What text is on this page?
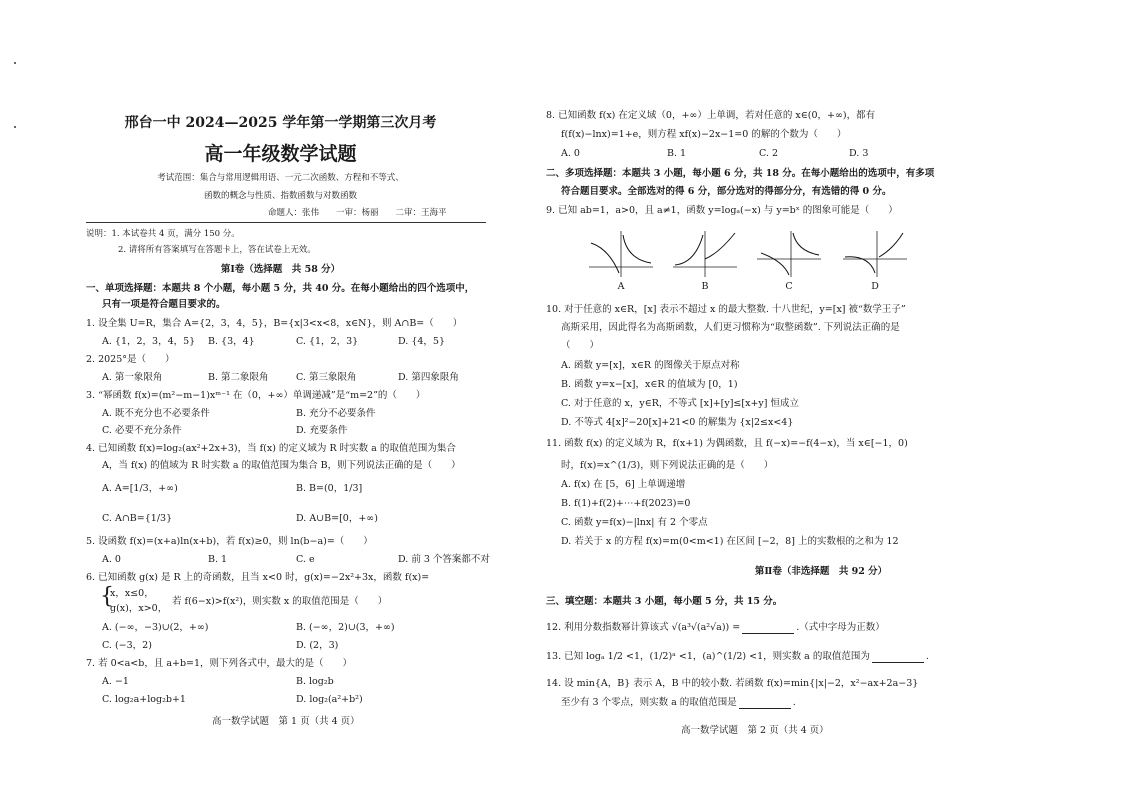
邢台一中 2024—2025 学年第一学期第三次月考
高一年级数学试题
考试范围：集合与常用逻辑用语、一元二次函数、方程和不等式、
函数的概念与性质、指数函数与对数函数
命题人：张伟　　一审：杨丽　　二审：王海平
说明：1. 本试卷共 4 页，满分 150 分。
2. 请将所有答案填写在答题卡上，答在试卷上无效。
第Ⅰ卷（选择题　共 58 分）
一、单项选择题：本题共 8 个小题，每小题 5 分，共 40 分。在每小题给出的四个选项中，
只有一项是符合题目要求的。
1. 设全集 U=R，集合 A={2，3，4，5}，B={x|3<x<8，x∈N}，则 A∩B=（　　）
A. {1，2，3，4，5} B. {3，4}	C. {1，2，3}	D. {4，5}
2. 2025°是（　　）
A. 第一象限角	B. 第二象限角	C. 第三象限角	D. 第四象限角
3. “幂函数 f(x)=(m²−m−1)xᵐ⁻¹ 在（0，+∞）单调递减”是“m=2”的（　　）
A. 既不充分也不必要条件	B. 充分不必要条件
C. 必要不充分条件	D. 充要条件
4. 已知函数 f(x)=log₂(ax²+2x+3)，当 f(x) 的定义域为 R 时实数 a 的取值范围为集合
A，当 f(x) 的值域为 R 时实数 a 的取值范围为集合 B，则下列说法正确的是（　　）
A. A=[1/3，+∞)	B. B=(0，1/3]
C. A∩B={1/3}	D. A∪B=[0，+∞)
5. 设函数 f(x)=(x+a)ln(x+b)，若 f(x)≥0，则 ln(b−a)=（　　）
A. 0	B. 1	C. e	D. 前 3 个答案都不对
6. 已知函数 g(x) 是 R 上的奇函数，且当 x<0 时，g(x)=−2x²+3x，函数 f(x)=
{
x，x≤0，
g(x)，x>0，
若 f(6−x)>f(x²)，则实数 x 的取值范围是（　　）
A. (−∞，−3)∪(2，+∞)	B. (−∞，2)∪(3，+∞)
C. (−3，2)	D. (2，3)
7. 若 0<a<b，且 a+b=1，则下列各式中，最大的是（　　）
A. −1	B. log₂b
C. log₂a+log₂b+1	D. log₂(a²+b²)
高一数学试题　第 1 页（共 4 页）
8. 已知函数 f(x) 在定义域（0，+∞）上单调，若对任意的 x∈(0，+∞)，都有
f(f(x)−lnx)=1+e，则方程 xf(x)−2x−1=0 的解的个数为（　　）
A. 0	B. 1	C. 2	D. 3
二、多项选择题：本题共 3 小题，每小题 6 分，共 18 分。在每小题给出的选项中，有多项
符合题目要求。全部选对的得 6 分，部分选对的得部分分，有选错的得 0 分。
9. 已知 ab=1，a>0，且 a≠1，函数 y=logₐ(−x) 与 y=bˣ 的图象可能是（　　）
A	B	C	D
10. 对于任意的 x∈R，[x] 表示不超过 x 的最大整数. 十八世纪，y=[x] 被“数学王子”
高斯采用，因此得名为高斯函数，人们更习惯称为“取整函数”. 下列说法正确的是
（　　）
A. 函数 y=[x]，x∈R 的图像关于原点对称
B. 函数 y=x−[x]，x∈R 的值域为 [0，1)
C. 对于任意的 x，y∈R，不等式 [x]+[y]≤[x+y] 恒成立
D. 不等式 4[x]²−20[x]+21<0 的解集为 {x|2≤x<4}
11. 函数 f(x) 的定义域为 R，f(x+1) 为偶函数，且 f(−x)=−f(4−x)，当 x∈[−1，0)
时，f(x)=x^(1/3)，则下列说法正确的是（　　）
A. f(x) 在 [5，6] 上单调递增
B. f(1)+f(2)+⋯+f(2023)=0
C. 函数 y=f(x)−|lnx| 有 2 个零点
D. 若关于 x 的方程 f(x)=m(0<m<1) 在区间 [−2，8] 上的实数根的之和为 12
第Ⅱ卷（非选择题　共 92 分）
三、填空题：本题共 3 小题，每小题 5 分，共 15 分。
12. 利用分数指数幂计算该式 √(a³√(a²√a)) =	.（式中字母为正数）
13. 已知 logₐ 1/2 <1，(1/2)ᵃ <1，(a)^(1/2) <1，则实数 a 的取值范围为	.
14. 设 min{A，B} 表示 A，B 中的较小数. 若函数 f(x)=min{|x|−2，x²−ax+2a−3}
至少有 3 个零点，则实数 a 的取值范围是	.
高一数学试题　第 2 页（共 4 页）
